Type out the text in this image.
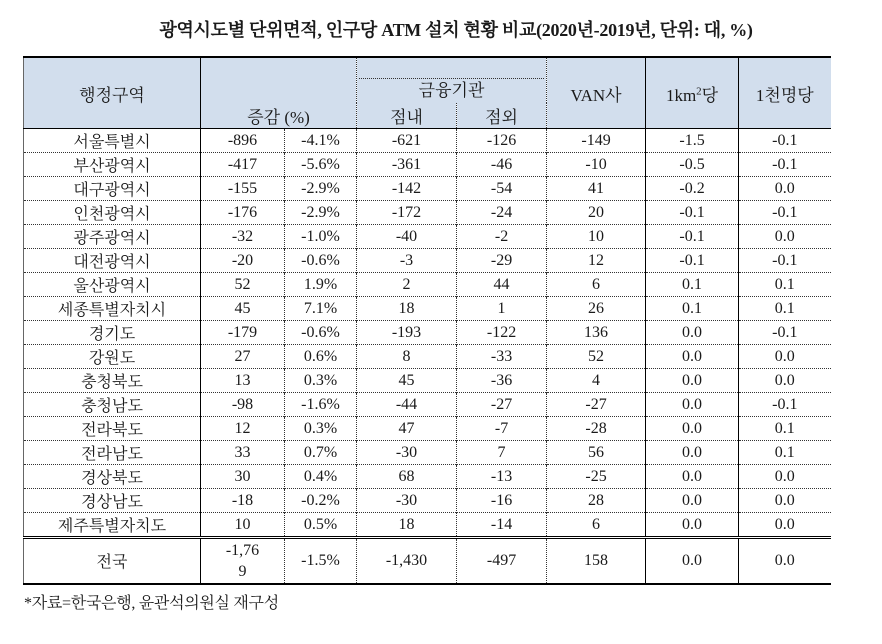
광역시도별 단위면적, 인구당 ATM 설치 현황 비교(2020년-2019년, 단위: 대, %)
행정구역	증감 (%)		금융기관		VAN사	$1km^2$당	1천명당
			점내	점외			
서울특별시	-896	-4.1%	-621	-126	-149	-1.5	-0.1
부산광역시	-417	-5.6%	-361	-46	-10	-0.5	-0.1
대구광역시	-155	-2.9%	-142	-54	41	-0.2	0.0
인천광역시	-176	-2.9%	-172	-24	20	-0.1	-0.1
광주광역시	-32	-1.0%	-40	-2	10	-0.1	0.0
대전광역시	-20	-0.6%	-3	-29	12	-0.1	-0.1
울산광역시	52	1.9%	2	44	6	0.1	0.1
세종특별자치시	45	7.1%	18	1	26	0.1	0.1
경기도	-179	-0.6%	-193	-122	136	0.0	-0.1
강원도	27	0.6%	8	-33	52	0.0	0.0
충청북도	13	0.3%	45	-36	4	0.0	0.0
충청남도	-98	-1.6%	-44	-27	-27	0.0	-0.1
전라북도	12	0.3%	47	-7	-28	0.0	0.1
전라남도	33	0.7%	-30	7	56	0.0	0.1
경상북도	30	0.4%	68	-13	-25	0.0	0.0
경상남도	-18	-0.2%	-30	-16	28	0.0	0.0
제주특별자치도	10	0.5%	18	-14	6	0.0	0.0
전국	-1,769	-1.5%	-1,430	-497	158	0.0	0.0

*자료=한국은행, 윤관석의원실 재구성
